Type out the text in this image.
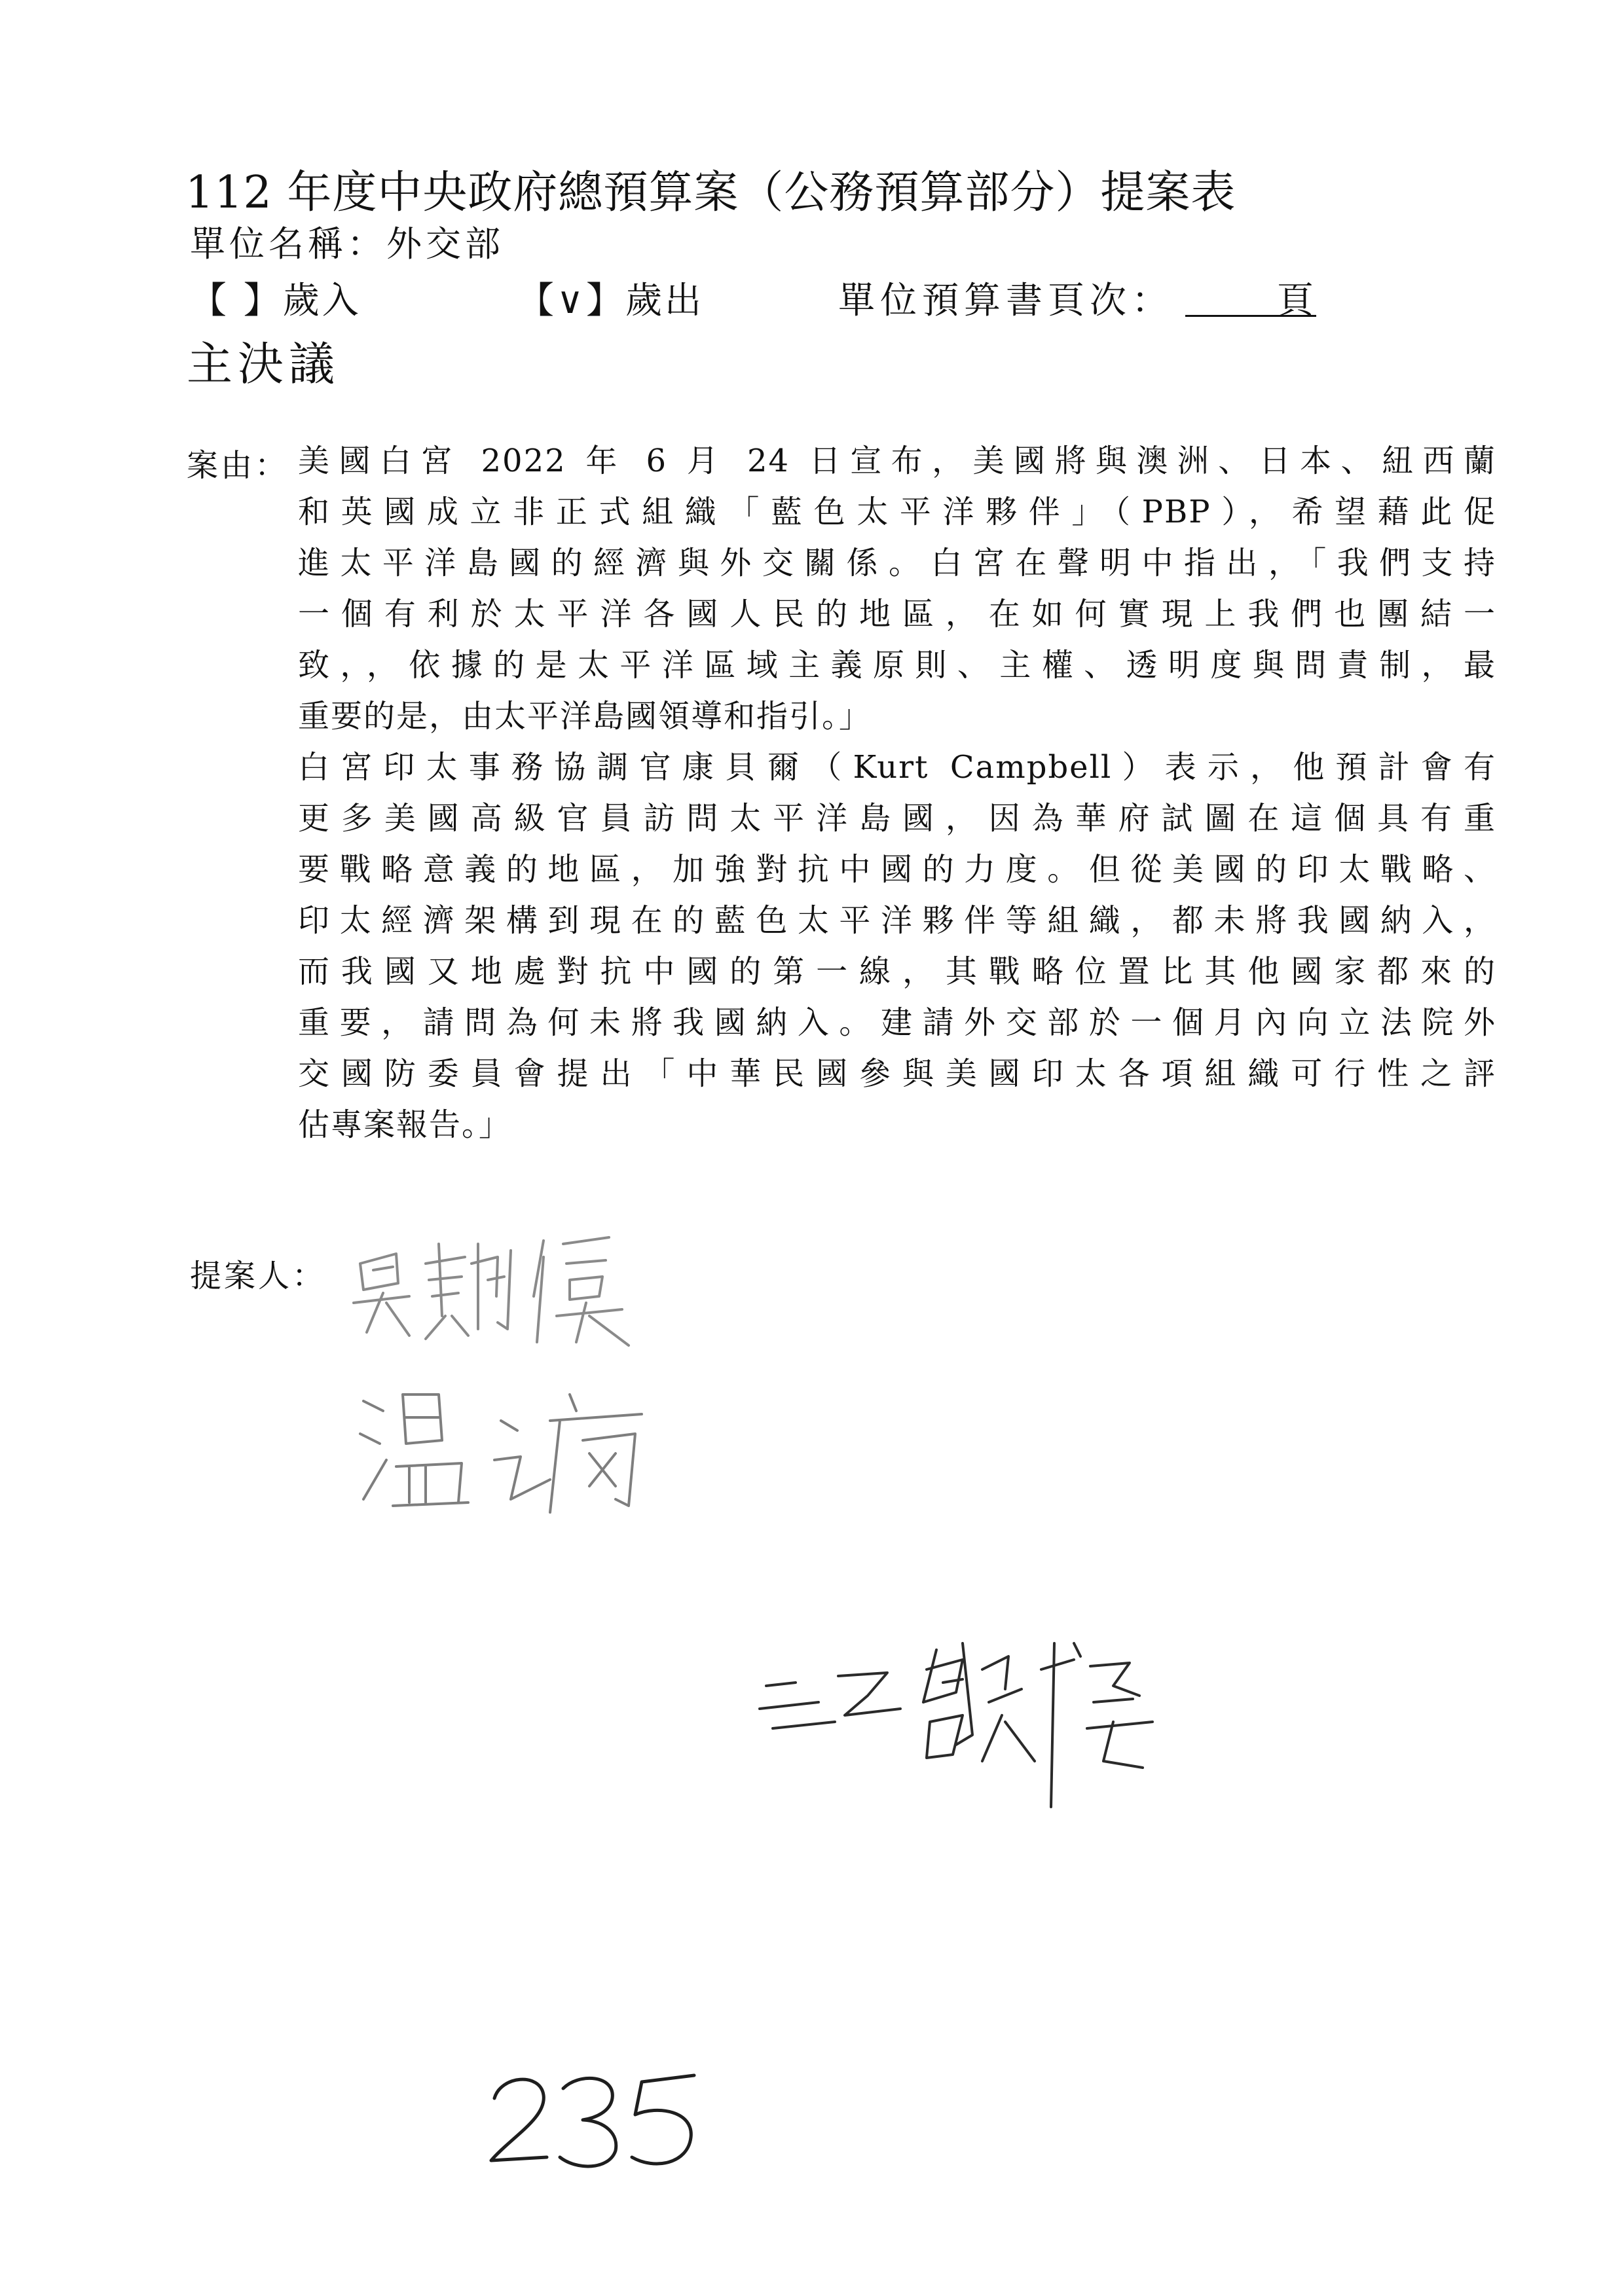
112 年度中央政府總預算案（公務預算部分）提案表
單位名稱：外交部
【 】歲入	【∨】歲出	單位預算書頁次：	頁
主決議
案由： 美國白宮 2022 年 6 月 24 日宣布，美國將與澳洲、日本、紐西蘭
和英國成立非正式組織「藍色太平洋夥伴」（PBP），希望藉此促
進太平洋島國的經濟與外交關係。白宮在聲明中指出，「我們支持
一個有利於太平洋各國人民的地區，在如何實現上我們也團結一
致，，依據的是太平洋區域主義原則、主權、透明度與問責制，最
重要的是，由太平洋島國領導和指引。」
白宮印太事務協調官康貝爾（Kurt Campbell）表示，他預計會有
更多美國高級官員訪問太平洋島國，因為華府試圖在這個具有重
要戰略意義的地區，加強對抗中國的力度。但從美國的印太戰略、
印太經濟架構到現在的藍色太平洋夥伴等組織，都未將我國納入，
而我國又地處對抗中國的第一線，其戰略位置比其他國家都來的
重要，請問為何未將我國納入。建請外交部於一個月內向立法院外
交國防委員會提出「中華民國參與美國印太各項組織可行性之評
估專案報告。」
提案人：
